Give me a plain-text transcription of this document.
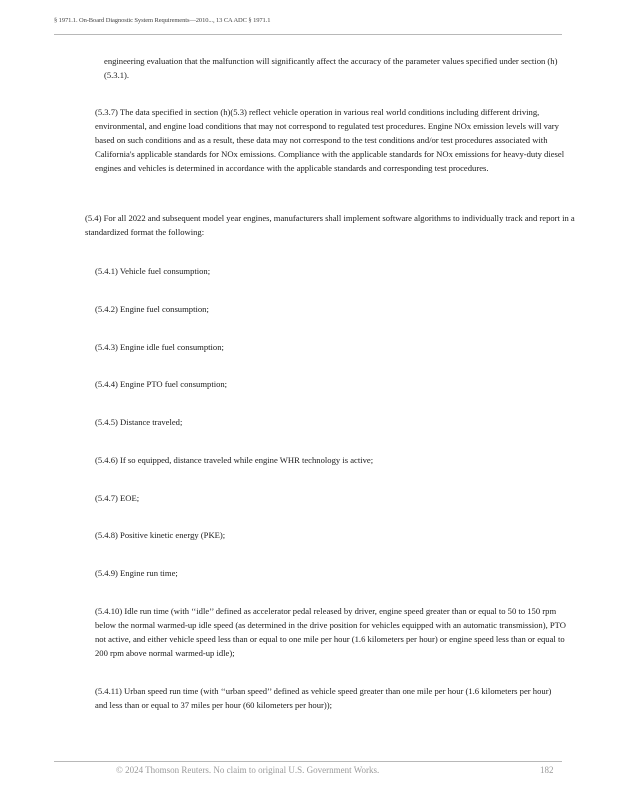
§ 1971.1. On-Board Diagnostic System Requirements—2010..., 13 CA ADC § 1971.1

engineering evaluation that the malfunction will significantly affect the accuracy of the parameter values specified under section (h)(5.3.1).

(5.3.7) The data specified in section (h)(5.3) reflect vehicle operation in various real world conditions including different driving, environmental, and engine load conditions that may not correspond to regulated test procedures. Engine NOx emission levels will vary based on such conditions and as a result, these data may not correspond to the test conditions and/or test procedures associated with California's applicable standards for NOx emissions. Compliance with the applicable standards for NOx emissions for heavy-duty diesel engines and vehicles is determined in accordance with the applicable standards and corresponding test procedures.

(5.4) For all 2022 and subsequent model year engines, manufacturers shall implement software algorithms to individually track and report in a standardized format the following:

(5.4.1) Vehicle fuel consumption;

(5.4.2) Engine fuel consumption;

(5.4.3) Engine idle fuel consumption;

(5.4.4) Engine PTO fuel consumption;

(5.4.5) Distance traveled;

(5.4.6) If so equipped, distance traveled while engine WHR technology is active;

(5.4.7) EOE;

(5.4.8) Positive kinetic energy (PKE);

(5.4.9) Engine run time;

(5.4.10) Idle run time (with ‘‘idle’’ defined as accelerator pedal released by driver, engine speed greater than or equal to 50 to 150 rpm below the normal warmed-up idle speed (as determined in the drive position for vehicles equipped with an automatic transmission), PTO not active, and either vehicle speed less than or equal to one mile per hour (1.6 kilometers per hour) or engine speed less than or equal to 200 rpm above normal warmed-up idle);

(5.4.11) Urban speed run time (with ‘‘urban speed’’ defined as vehicle speed greater than one mile per hour (1.6 kilometers per hour) and less than or equal to 37 miles per hour (60 kilometers per hour));

© 2024 Thomson Reuters. No claim to original U.S. Government Works.	182
